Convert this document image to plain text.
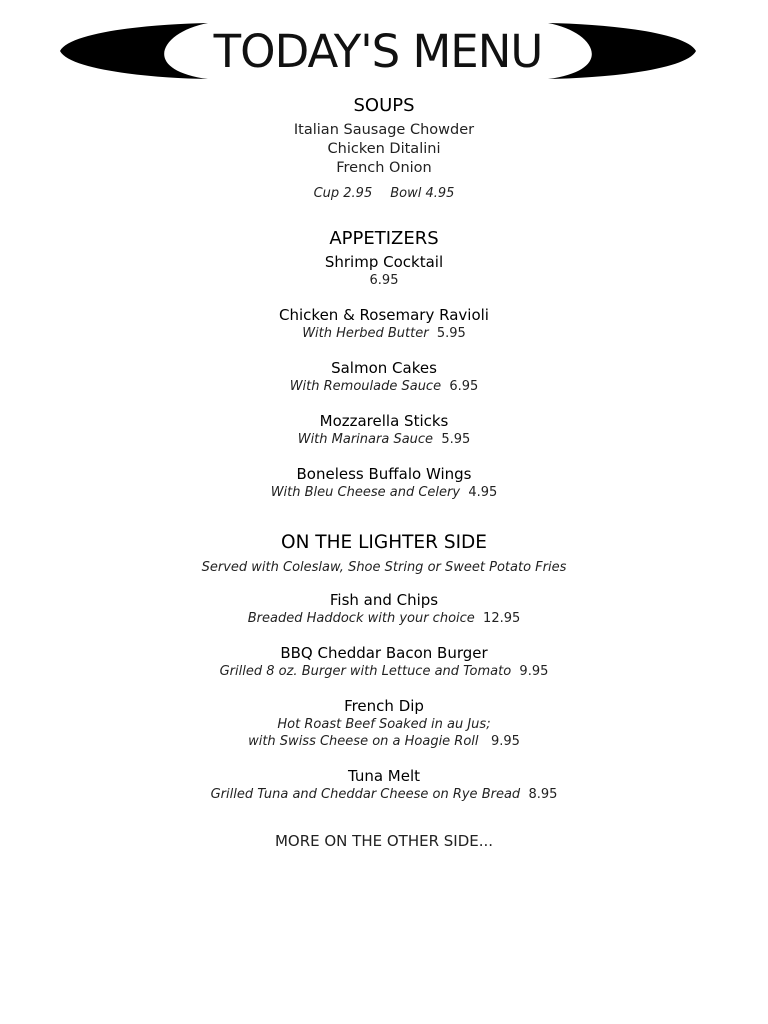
TODAY'S MENU
SOUPS
Italian Sausage Chowder
Chicken Ditalini
French Onion
Cup 2.95 Bowl 4.95
APPETIZERS
Shrimp Cocktail
6.95
Chicken & Rosemary Ravioli
With Herbed Butter 5.95
Salmon Cakes
With Remoulade Sauce 6.95
Mozzarella Sticks
With Marinara Sauce 5.95
Boneless Buffalo Wings
With Bleu Cheese and Celery 4.95
ON THE LIGHTER SIDE
Served with Coleslaw, Shoe String or Sweet Potato Fries
Fish and Chips
Breaded Haddock with your choice 12.95
BBQ Cheddar Bacon Burger
Grilled 8 oz. Burger with Lettuce and Tomato 9.95
French Dip
Hot Roast Beef Soaked in au Jus;
with Swiss Cheese on a Hoagie Roll 9.95
Tuna Melt
Grilled Tuna and Cheddar Cheese on Rye Bread 8.95
MORE ON THE OTHER SIDE...
